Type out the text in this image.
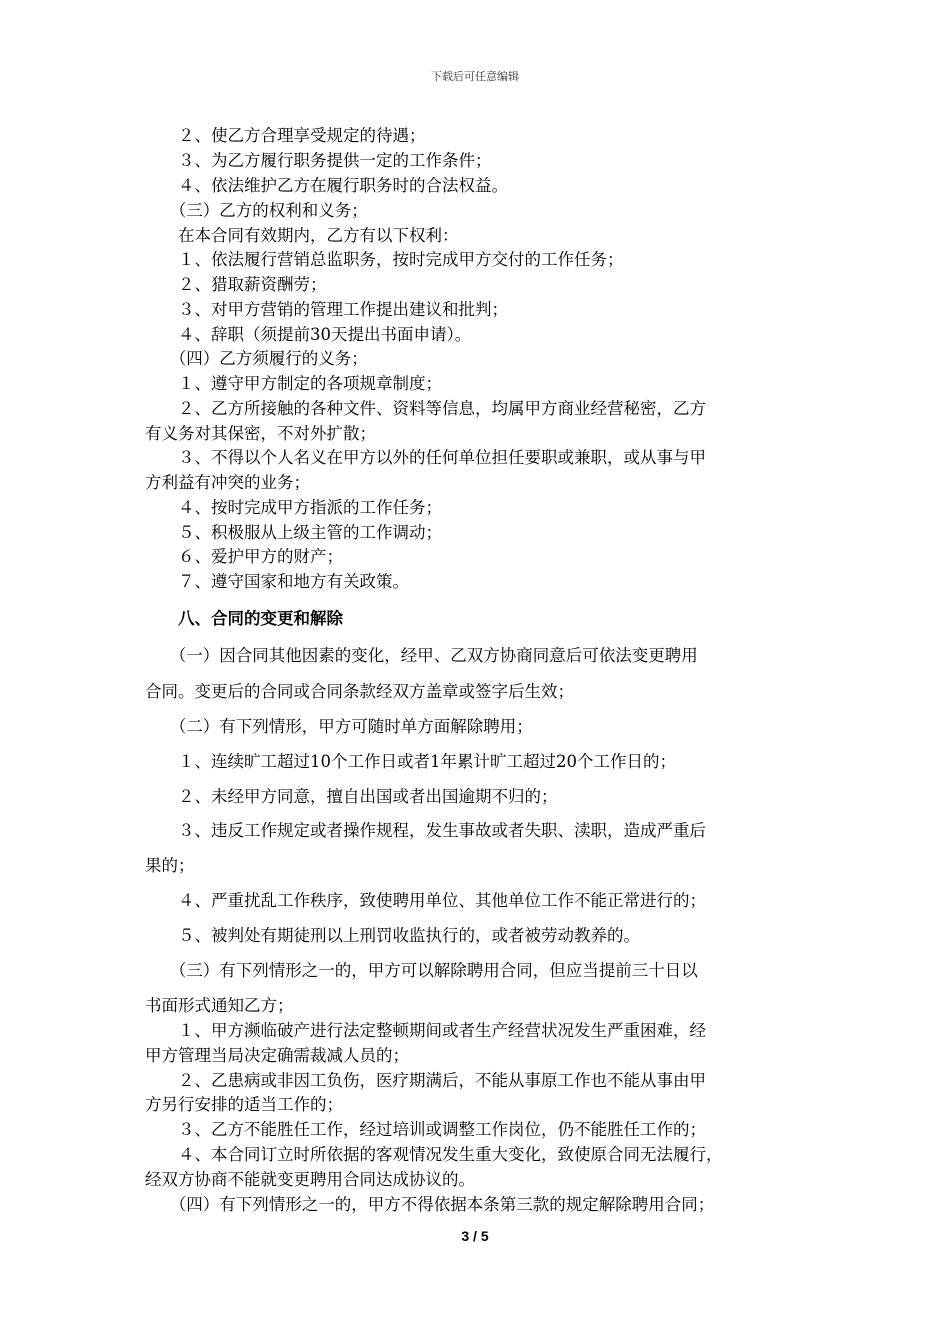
下载后可任意编辑
　　２、使乙方合理享受规定的待遇；
　　３、为乙方履行职务提供一定的工作条件；
　　４、依法维护乙方在履行职务时的合法权益。
　　（三）乙方的权利和义务；
　　在本合同有效期内，乙方有以下权利：
　　１、依法履行营销总监职务，按时完成甲方交付的工作任务；
　　２、猎取薪资酬劳；
　　３、对甲方营销的管理工作提出建议和批判；
　　４、辞职（须提前30天提出书面申请）。
　　（四）乙方须履行的义务；
　　１、遵守甲方制定的各项规章制度；
　　２、乙方所接触的各种文件、资料等信息，均属甲方商业经营秘密，乙方
有义务对其保密，不对外扩散；
　　３、不得以个人名义在甲方以外的任何单位担任要职或兼职，或从事与甲
方利益有冲突的业务；
　　４、按时完成甲方指派的工作任务；
　　５、积极服从上级主管的工作调动；
　　６、爱护甲方的财产；
　　７、遵守国家和地方有关政策。
　　八、合同的变更和解除
　　（一）因合同其他因素的变化，经甲、乙双方协商同意后可依法变更聘用
合同。变更后的合同或合同条款经双方盖章或签字后生效；
　　（二）有下列情形，甲方可随时单方面解除聘用；
　　１、连续旷工超过10个工作日或者1年累计旷工超过20个工作日的；
　　２、未经甲方同意，擅自出国或者出国逾期不归的；
　　３、违反工作规定或者操作规程，发生事故或者失职、渎职，造成严重后
果的；
　　４、严重扰乱工作秩序，致使聘用单位、其他单位工作不能正常进行的；
　　５、被判处有期徒刑以上刑罚收监执行的，或者被劳动教养的。
　　（三）有下列情形之一的，甲方可以解除聘用合同，但应当提前三十日以
书面形式通知乙方；
　　１、甲方濒临破产进行法定整顿期间或者生产经营状况发生严重困难，经
甲方管理当局决定确需裁减人员的；
　　２、乙患病或非因工负伤，医疗期满后，不能从事原工作也不能从事由甲
方另行安排的适当工作的；
　　３、乙方不能胜任工作，经过培训或调整工作岗位，仍不能胜任工作的；
　　４、本合同订立时所依据的客观情况发生重大变化，致使原合同无法履行，
经双方协商不能就变更聘用合同达成协议的。
　　（四）有下列情形之一的，甲方不得依据本条第三款的规定解除聘用合同；
3 / 5
